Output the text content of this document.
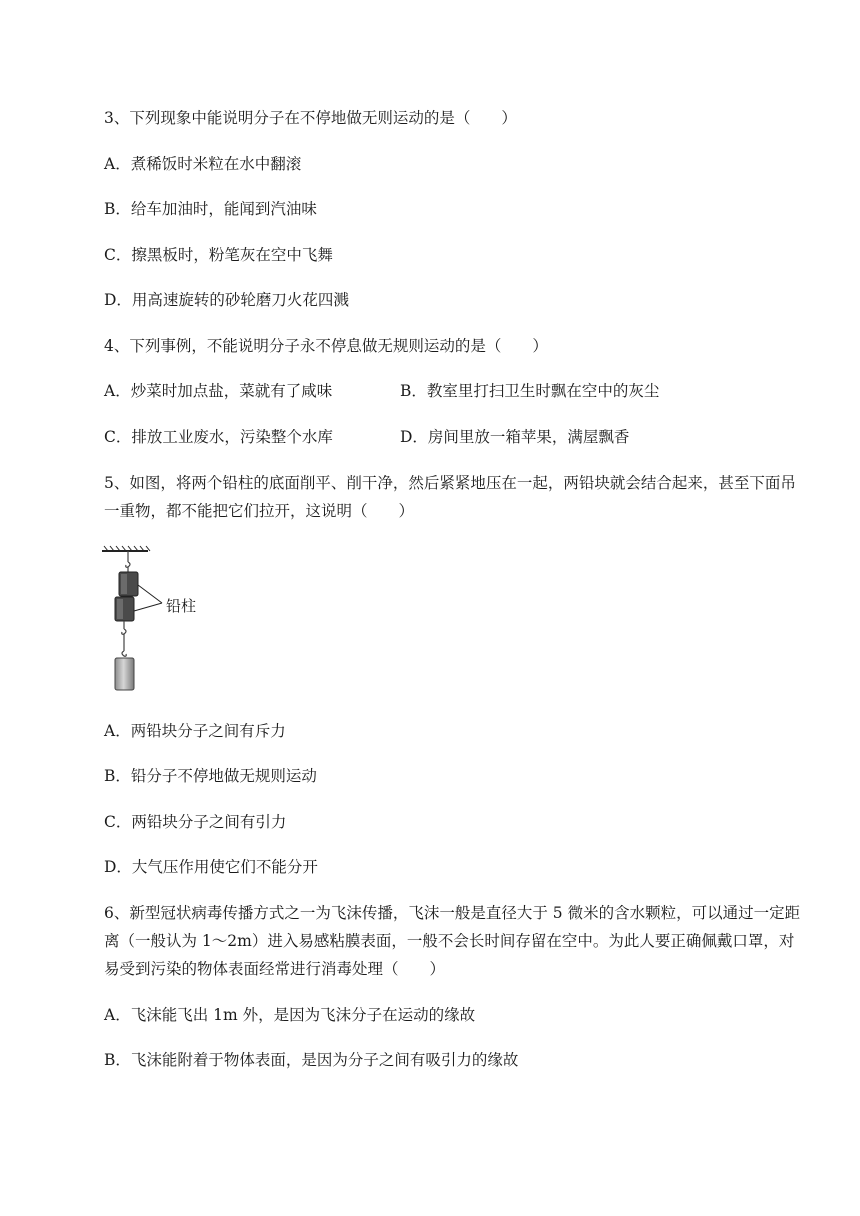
3、下列现象中能说明分子在不停地做无则运动的是（　　）
A．煮稀饭时米粒在水中翻滚
B．给车加油时，能闻到汽油味
C．擦黑板时，粉笔灰在空中飞舞
D．用高速旋转的砂轮磨刀火花四溅
4、下列事例，不能说明分子永不停息做无规则运动的是（　　）
A．炒菜时加点盐，菜就有了咸味	B．教室里打扫卫生时飘在空中的灰尘
C．排放工业废水，污染整个水库	D．房间里放一箱苹果，满屋飘香
5、如图，将两个铅柱的底面削平、削干净，然后紧紧地压在一起，两铅块就会结合起来，甚至下面吊
一重物，都不能把它们拉开，这说明（　　）
铅柱
A．两铅块分子之间有斥力
B．铅分子不停地做无规则运动
C．两铅块分子之间有引力
D．大气压作用使它们不能分开
6、新型冠状病毒传播方式之一为飞沫传播，飞沫一般是直径大于 5 微米的含水颗粒，可以通过一定距
离（一般认为 1～2m）进入易感粘膜表面，一般不会长时间存留在空中。为此人要正确佩戴口罩，对
易受到污染的物体表面经常进行消毒处理（　　）
A．飞沫能飞出 1m 外，是因为飞沫分子在运动的缘故
B．飞沫能附着于物体表面，是因为分子之间有吸引力的缘故
